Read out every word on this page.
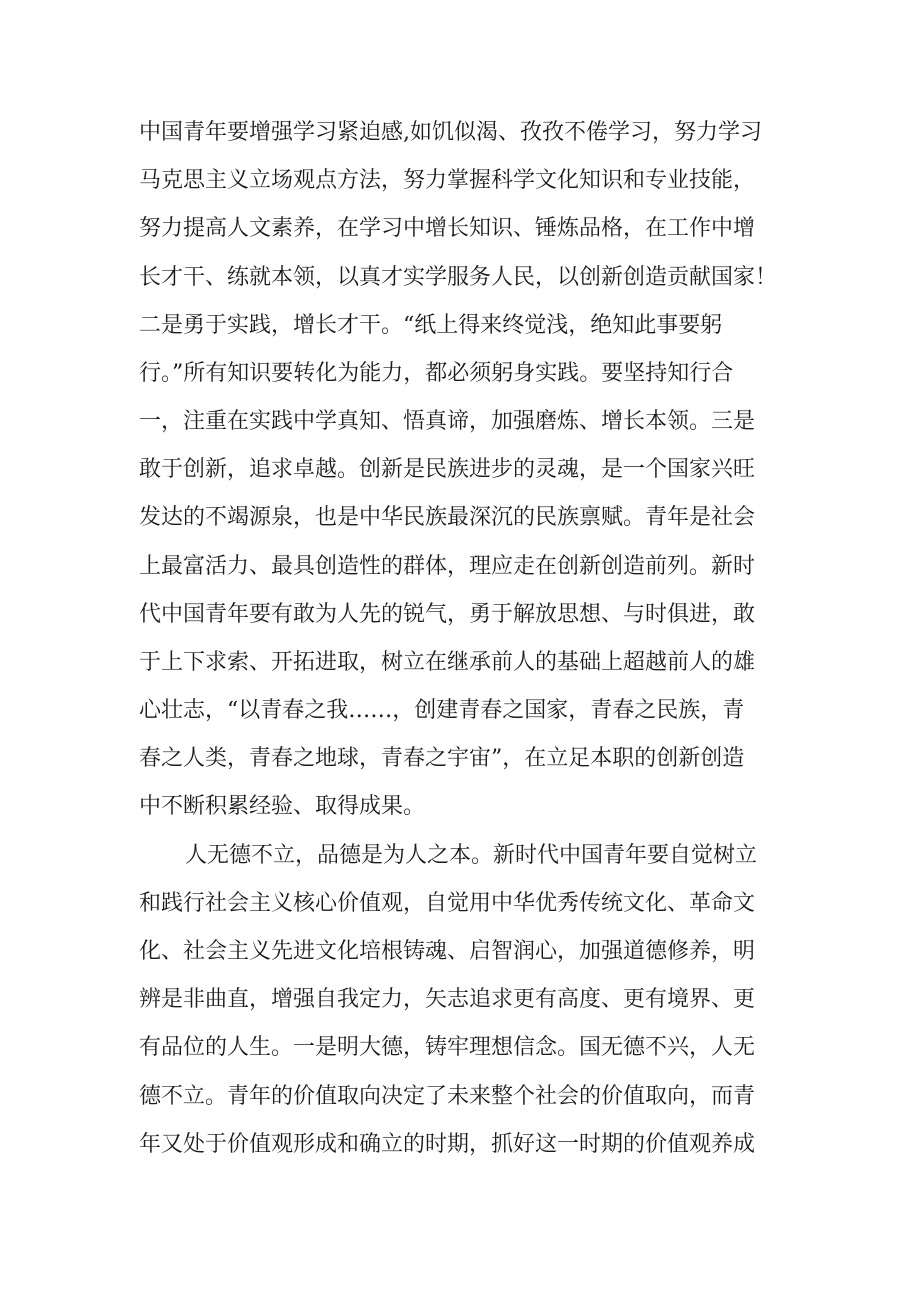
中国青年要增强学习紧迫感,如饥似渴、孜孜不倦学习，努力学习
马克思主义立场观点方法，努力掌握科学文化知识和专业技能，
努力提高人文素养，在学习中增长知识、锤炼品格，在工作中增
长才干、练就本领，以真才实学服务人民，以创新创造贡献国家！
二是勇于实践，增长才干。“纸上得来终觉浅，绝知此事要躬
行。”所有知识要转化为能力，都必须躬身实践。要坚持知行合
一，注重在实践中学真知、悟真谛，加强磨炼、增长本领。三是
敢于创新，追求卓越。创新是民族进步的灵魂，是一个国家兴旺
发达的不竭源泉，也是中华民族最深沉的民族禀赋。青年是社会
上最富活力、最具创造性的群体，理应走在创新创造前列。新时
代中国青年要有敢为人先的锐气，勇于解放思想、与时俱进，敢
于上下求索、开拓进取，树立在继承前人的基础上超越前人的雄
心壮志，“以青春之我……，创建青春之国家，青春之民族，青
春之人类，青春之地球，青春之宇宙”，在立足本职的创新创造
中不断积累经验、取得成果。
人无德不立，品德是为人之本。新时代中国青年要自觉树立
和践行社会主义核心价值观，自觉用中华优秀传统文化、革命文
化、社会主义先进文化培根铸魂、启智润心，加强道德修养，明
辨是非曲直，增强自我定力，矢志追求更有高度、更有境界、更
有品位的人生。一是明大德，铸牢理想信念。国无德不兴，人无
德不立。青年的价值取向决定了未来整个社会的价值取向，而青
年又处于价值观形成和确立的时期，抓好这一时期的价值观养成
